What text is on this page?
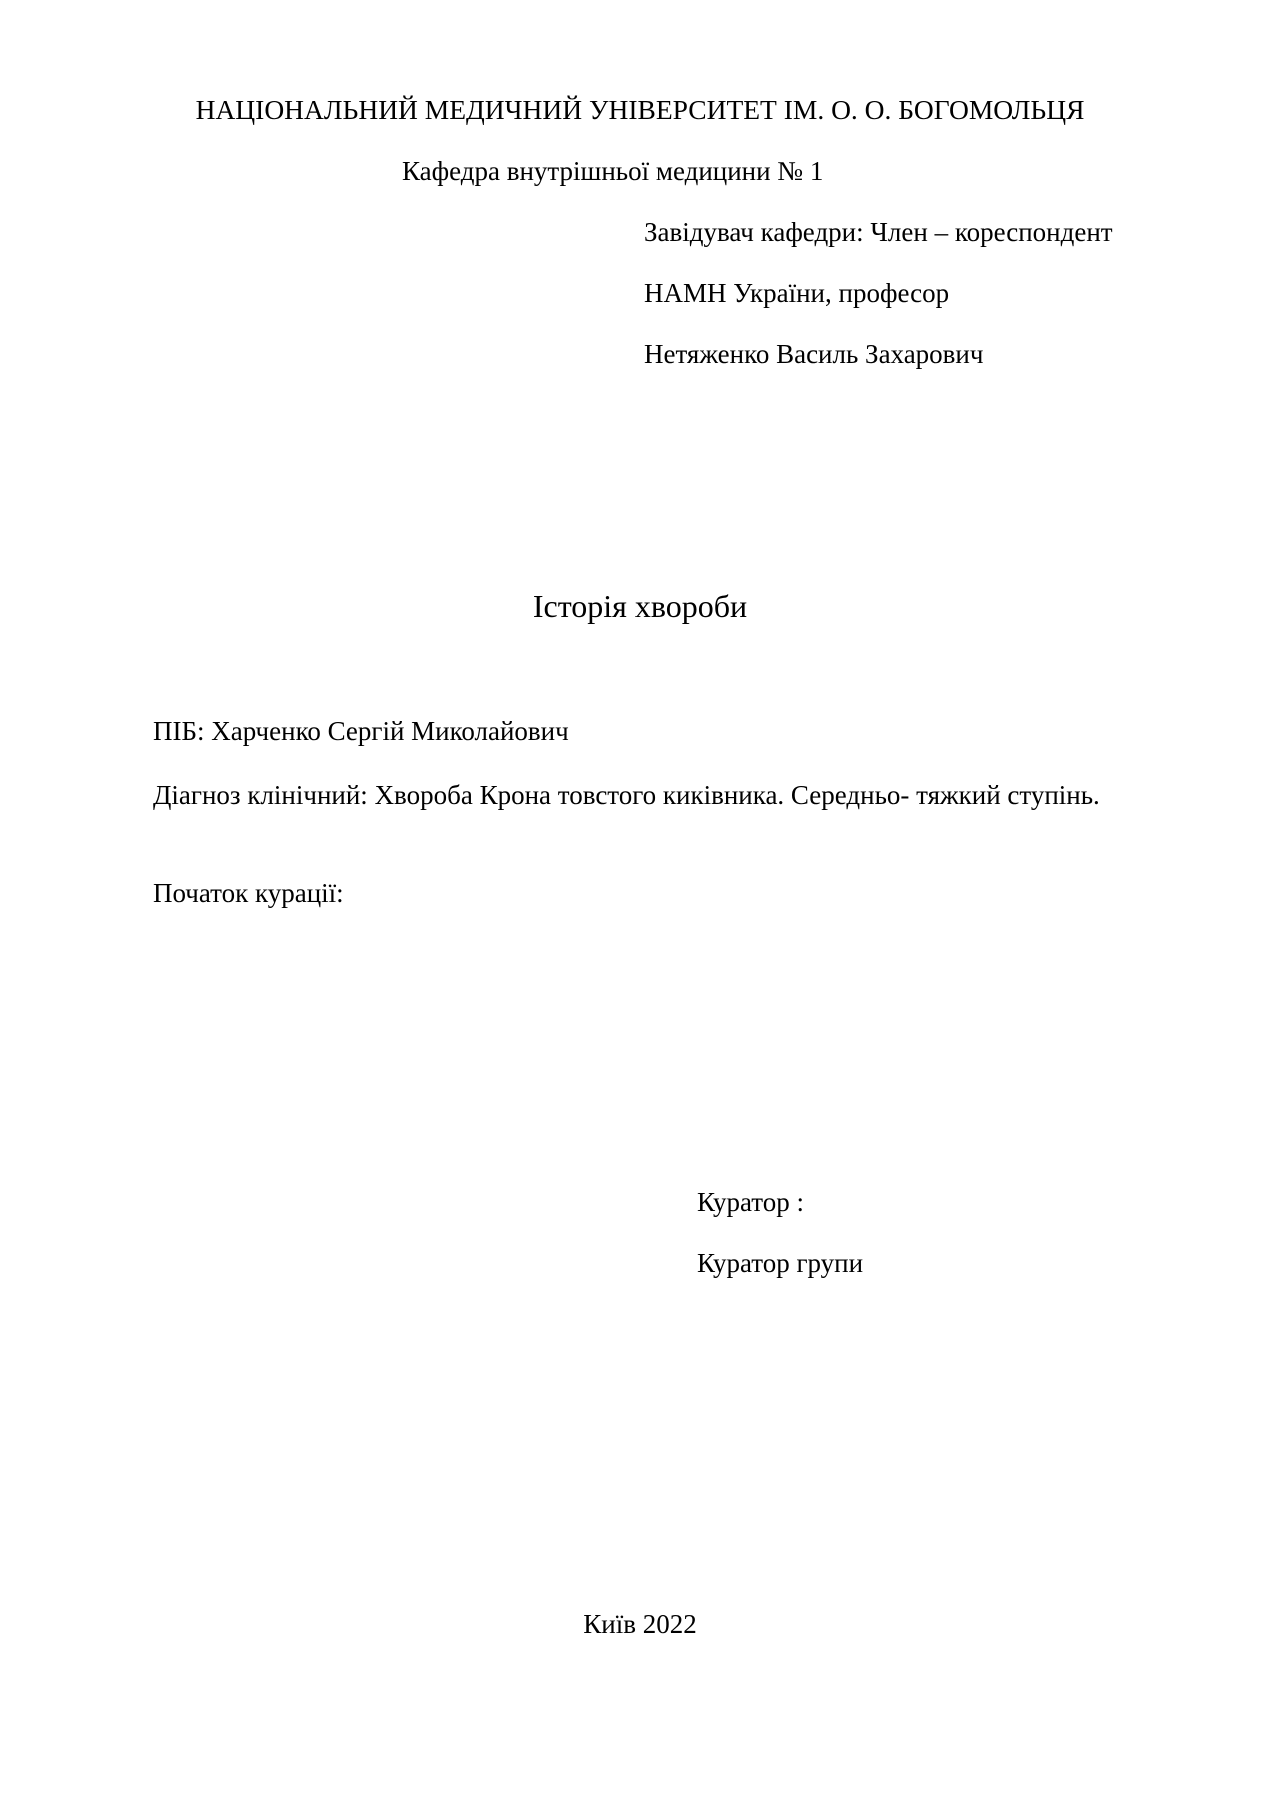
НАЦІОНАЛЬНИЙ МЕДИЧНИЙ УНІВЕРСИТЕТ ІМ. О. О. БОГОМОЛЬЦЯ
Кафедра внутрішньої медицини № 1
Завідувач кафедри: Член – кореспондент
НАМН України, професор
Нетяженко Василь Захарович
Історія хвороби
ПІБ: Харченко Сергій Миколайович
Діагноз клінічний: Хвороба Крона товстого киківника. Середньо- тяжкий ступінь.
Початок курації:
Куратор :
Куратор групи
Київ 2022
